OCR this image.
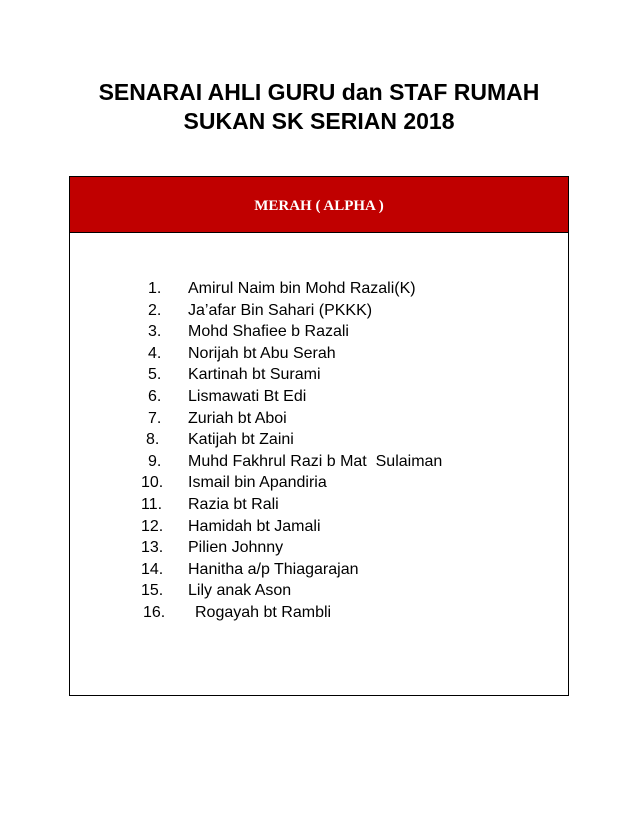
SENARAI AHLI GURU dan STAF RUMAH
SUKAN SK SERIAN 2018
MERAH ( ALPHA )
1. Amirul Naim bin Mohd Razali(K)
2. Ja’afar Bin Sahari (PKKK)
3. Mohd Shafiee b Razali
4. Norijah bt Abu Serah
5. Kartinah bt Surami
6. Lismawati Bt Edi
7. Zuriah bt Aboi
8. Katijah bt Zaini
9. Muhd Fakhrul Razi b Mat  Sulaiman
10. Ismail bin Apandiria
11. Razia bt Rali
12. Hamidah bt Jamali
13. Pilien Johnny
14. Hanitha a/p Thiagarajan
15. Lily anak Ason
16. Rogayah bt Rambli
